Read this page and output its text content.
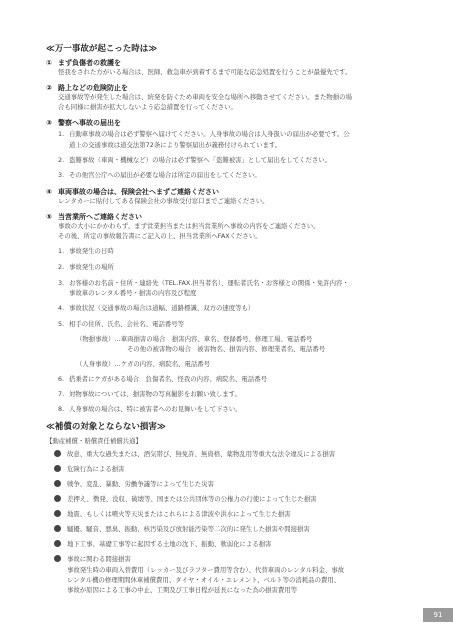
≪万一事故が起こった時は≫
① まず負傷者の救護を
怪我をされた方がいる場合は、医師、救急車が到着するまで可能な応急処置を行うことが最優先です。
② 路上などの危険防止を
交通事故等が発生した場合は、続発を防ぐため車両を安全な場所へ移動させてください。また物損の場
合も同様に損害が拡大しないよう応急措置を行ってください。
③ 警察へ事故の届出を
1. 自動車事故の場合は必ず警察へ届けてください。人身事故の場合は人身扱いの届出が必要です。公
道上の交通事故は道交法第72条により警察届出が義務付けられています。
2. 盗難事故（車両・機械など）の場合は必ず警察へ「盗難被害」として届出をしてください。
3. その他官公庁への届出が必要な場合は所定の届出をしてください。
④ 車両事故の場合は、保険会社へまずご連絡ください
レンタカーに貼付してある保険会社の事故受付窓口までご連絡ください。
⑤ 当営業所へご連絡ください
事故の大小にかかわらず、まず営業担当または担当営業所へ事故の内容をご連絡ください。
その後、所定の事故報告書にご記入の上、担当営業所へFAXください。
1. 事故発生の日時
2. 事故発生の場所
3. お客様のお名前・住所・連絡先（TEL.FAX.担当者名）、運転者氏名・お客様との関係・免許内容・
事故車のレンタル番号・損害の内容及び程度
4. 事故状況（交通事故の場合は道幅、道路標識、双方の速度等も）
5. 相手の住所、氏名、会社名、電話番号等
（物損事故）…車両損害の場合　損害内容、車名、登録番号、修理工場、電話番号
その他の被害物の場合　被害物名、損害内容、修理業者名、電話番号
（人身事故）…ケガの内容、病院名、電話番号
6. 搭乗者にケガがある場合　負傷者名、怪我の内容、病院名、電話番号
7. 対物事故については、損害物の写真撮影をお願い致します。
8. 人身事故の場合は、特に被害者へのお見舞いをして下さい。
≪補償の対象とならない損害≫
【動産補償・賠償責任補償共通】
故意、重大な過失または、酒気帯び、無免許、無資格、薬物乱用等重大な法令違反による損害
危険行為による損害
戦争、変乱、暴動、労働争議等によって生じた災害
差押え、徴発、没収、破壊等、国または公共団体等の公権力の行使によって生じた損害
地震、もしくは噴火等天災またはこれらによる津波や洪水によって生じた損害
騒擾、騒音、悪臭、振動、核汚染及び放射能汚染等二次的に発生した損害や間接損害
地下工事、基礎工事等に起因する土地の沈下、振動、軟弱化による損害
事故に関わる間接損害
事故発生時の車両入替費用（レッカー及びラフター費用等含む）、代替車両のレンタル料金、事故
レンタル機の修理期間休車補償費用、タイヤ・オイル・エレメント、ベルト等の消耗品の費用、
事故が原因による工事の中止、工期及び工事日程が延長になった為の損害費用等
91
